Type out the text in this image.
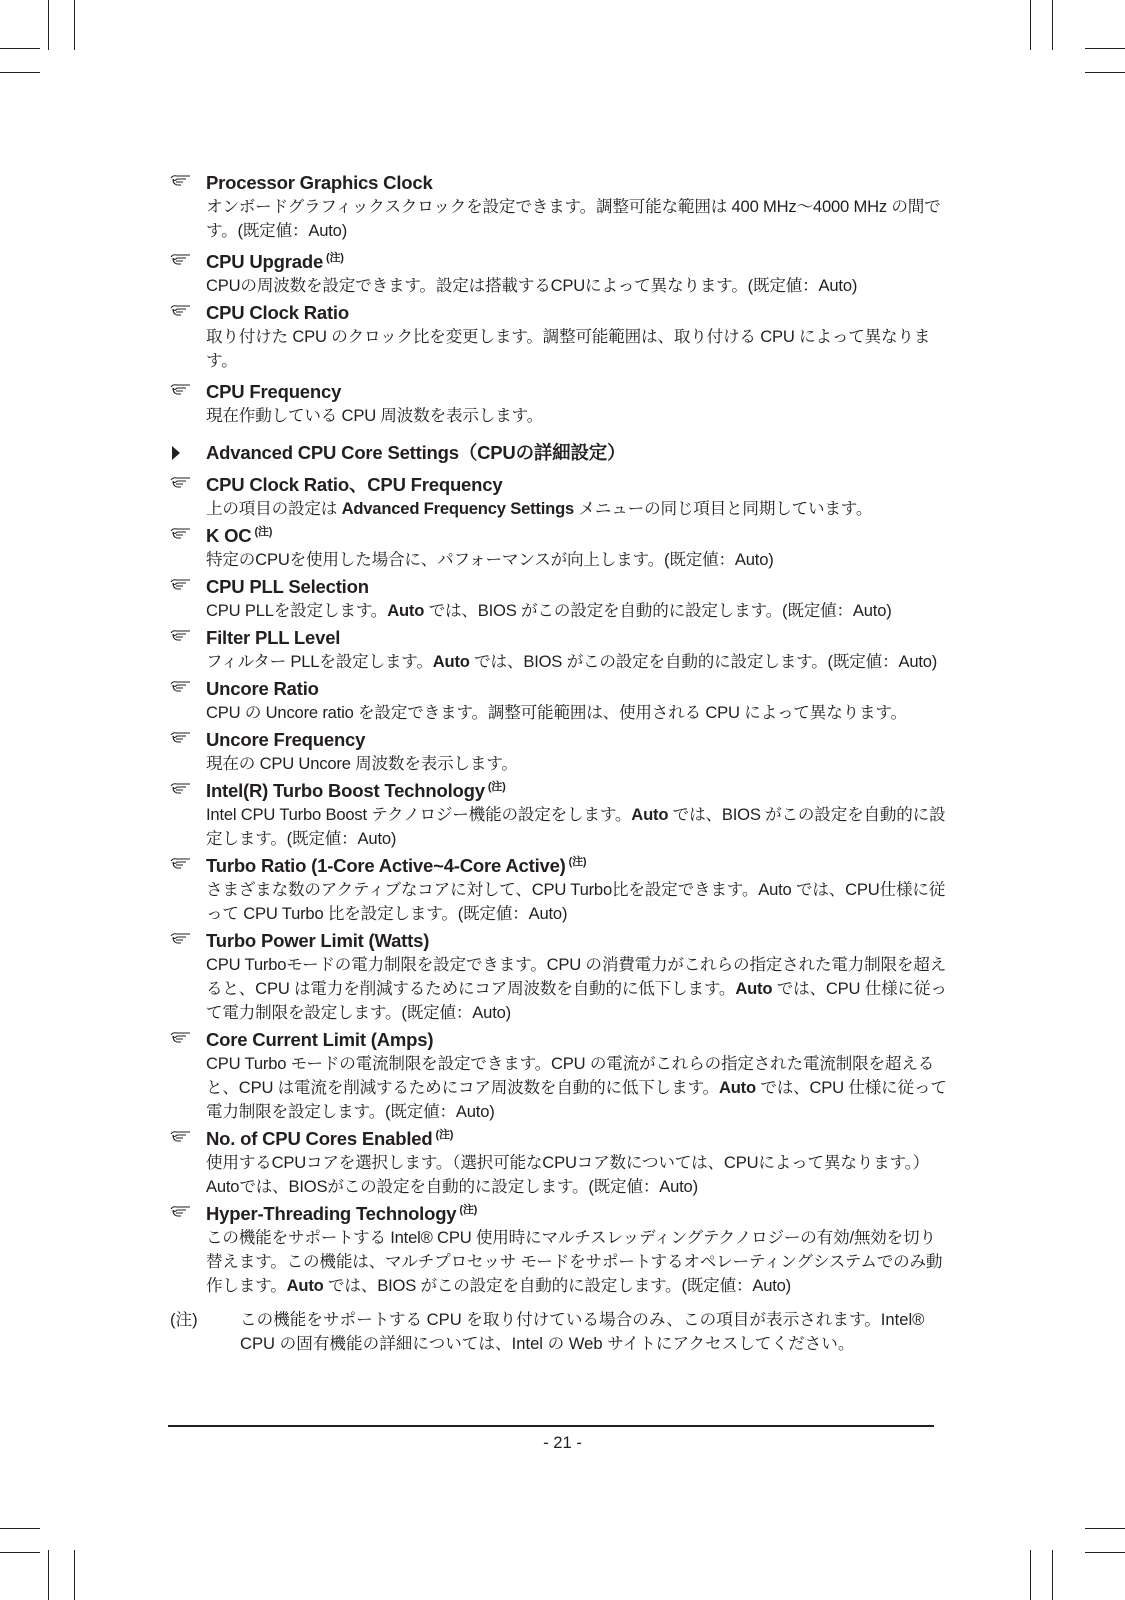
Processor Graphics Clock
オンボードグラフィックスクロックを設定できます。調整可能な範囲は 400 MHz〜4000 MHz の間です。(既定値：Auto)
CPU Upgrade $^{(注)}$
CPUの周波数を設定できます。設定は搭載するCPUによって異なります。(既定値：Auto)
CPU Clock Ratio
取り付けた CPU のクロック比を変更します。調整可能範囲は、取り付ける CPU によって異なります。
CPU Frequency
現在作動している CPU 周波数を表示します。
Advanced CPU Core Settings（CPUの詳細設定）
CPU Clock Ratio、CPU Frequency
上の項目の設定は Advanced Frequency Settings メニューの同じ項目と同期しています。
K OC $^{(注)}$
特定のCPUを使用した場合に、パフォーマンスが向上します。(既定値：Auto)
CPU PLL Selection
CPU PLLを設定します。Auto では、BIOS がこの設定を自動的に設定します。(既定値：Auto)
Filter PLL Level
フィルター PLLを設定します。Auto では、BIOS がこの設定を自動的に設定します。(既定値：Auto)
Uncore Ratio
CPU の Uncore ratio を設定できます。調整可能範囲は、使用される CPU によって異なります。
Uncore Frequency
現在の CPU Uncore 周波数を表示します。
Intel(R) Turbo Boost Technology $^{(注)}$
Intel CPU Turbo Boost テクノロジー機能の設定をします。Auto では、BIOS がこの設定を自動的に設定します。(既定値：Auto)
Turbo Ratio (1-Core Active~4-Core Active) $^{(注)}$
さまざまな数のアクティブなコアに対して、CPU Turbo比を設定できます。Auto では、CPU仕様に従って CPU Turbo 比を設定します。(既定値：Auto)
Turbo Power Limit (Watts)
CPU Turboモードの電力制限を設定できます。CPU の消費電力がこれらの指定された電力制限を超えると、CPU は電力を削減するためにコア周波数を自動的に低下します。Auto では、CPU 仕様に従って電力制限を設定します。(既定値：Auto)
Core Current Limit (Amps)
CPU Turbo モードの電流制限を設定できます。CPU の電流がこれらの指定された電流制限を超えると、CPU は電流を削減するためにコア周波数を自動的に低下します。Auto では、CPU 仕様に従って電力制限を設定します。(既定値：Auto)
No. of CPU Cores Enabled $^{(注)}$
使用するCPUコアを選択します。（選択可能なCPUコア数については、CPUによって異なります。）Autoでは、BIOSがこの設定を自動的に設定します。(既定値：Auto)
Hyper-Threading Technology $^{(注)}$
この機能をサポートする Intel® CPU 使用時にマルチスレッディングテクノロジーの有効/無効を切り替えます。この機能は、マルチプロセッサ モードをサポートするオペレーティングシステムでのみ動作します。Auto では、BIOS がこの設定を自動的に設定します。(既定値：Auto)
(注)	この機能をサポートする CPU を取り付けている場合のみ、この項目が表示されます。Intel® CPU の固有機能の詳細については、Intel の Web サイトにアクセスしてください。
- 21 -
